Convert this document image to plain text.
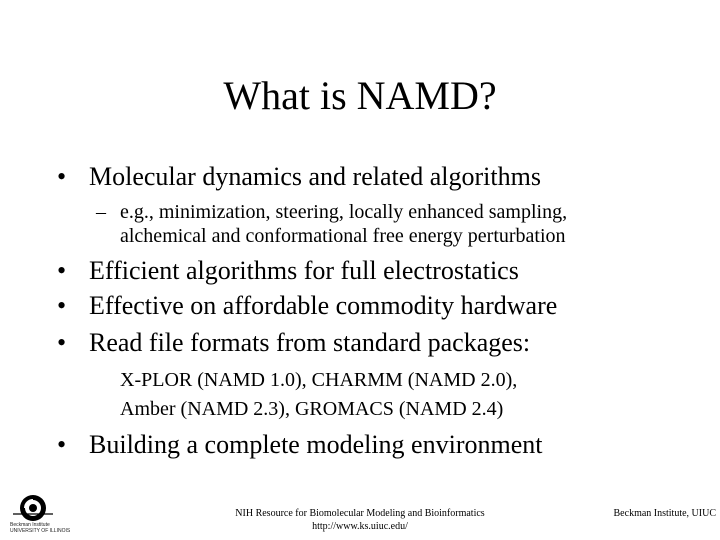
What is NAMD?
• Molecular dynamics and related algorithms
– e.g., minimization, steering, locally enhanced sampling,
alchemical and conformational free energy perturbation
• Efficient algorithms for full electrostatics
• Effective on affordable commodity hardware
• Read file formats from standard packages:
X-PLOR (NAMD 1.0), CHARMM (NAMD 2.0),
Amber (NAMD 2.3), GROMACS (NAMD 2.4)
• Building a complete modeling environment
Beckman Institute
UNIVERSITY OF ILLINOIS
NIH Resource for Biomolecular Modeling and Bioinformatics
http://www.ks.uiuc.edu/
Beckman Institute, UIUC
